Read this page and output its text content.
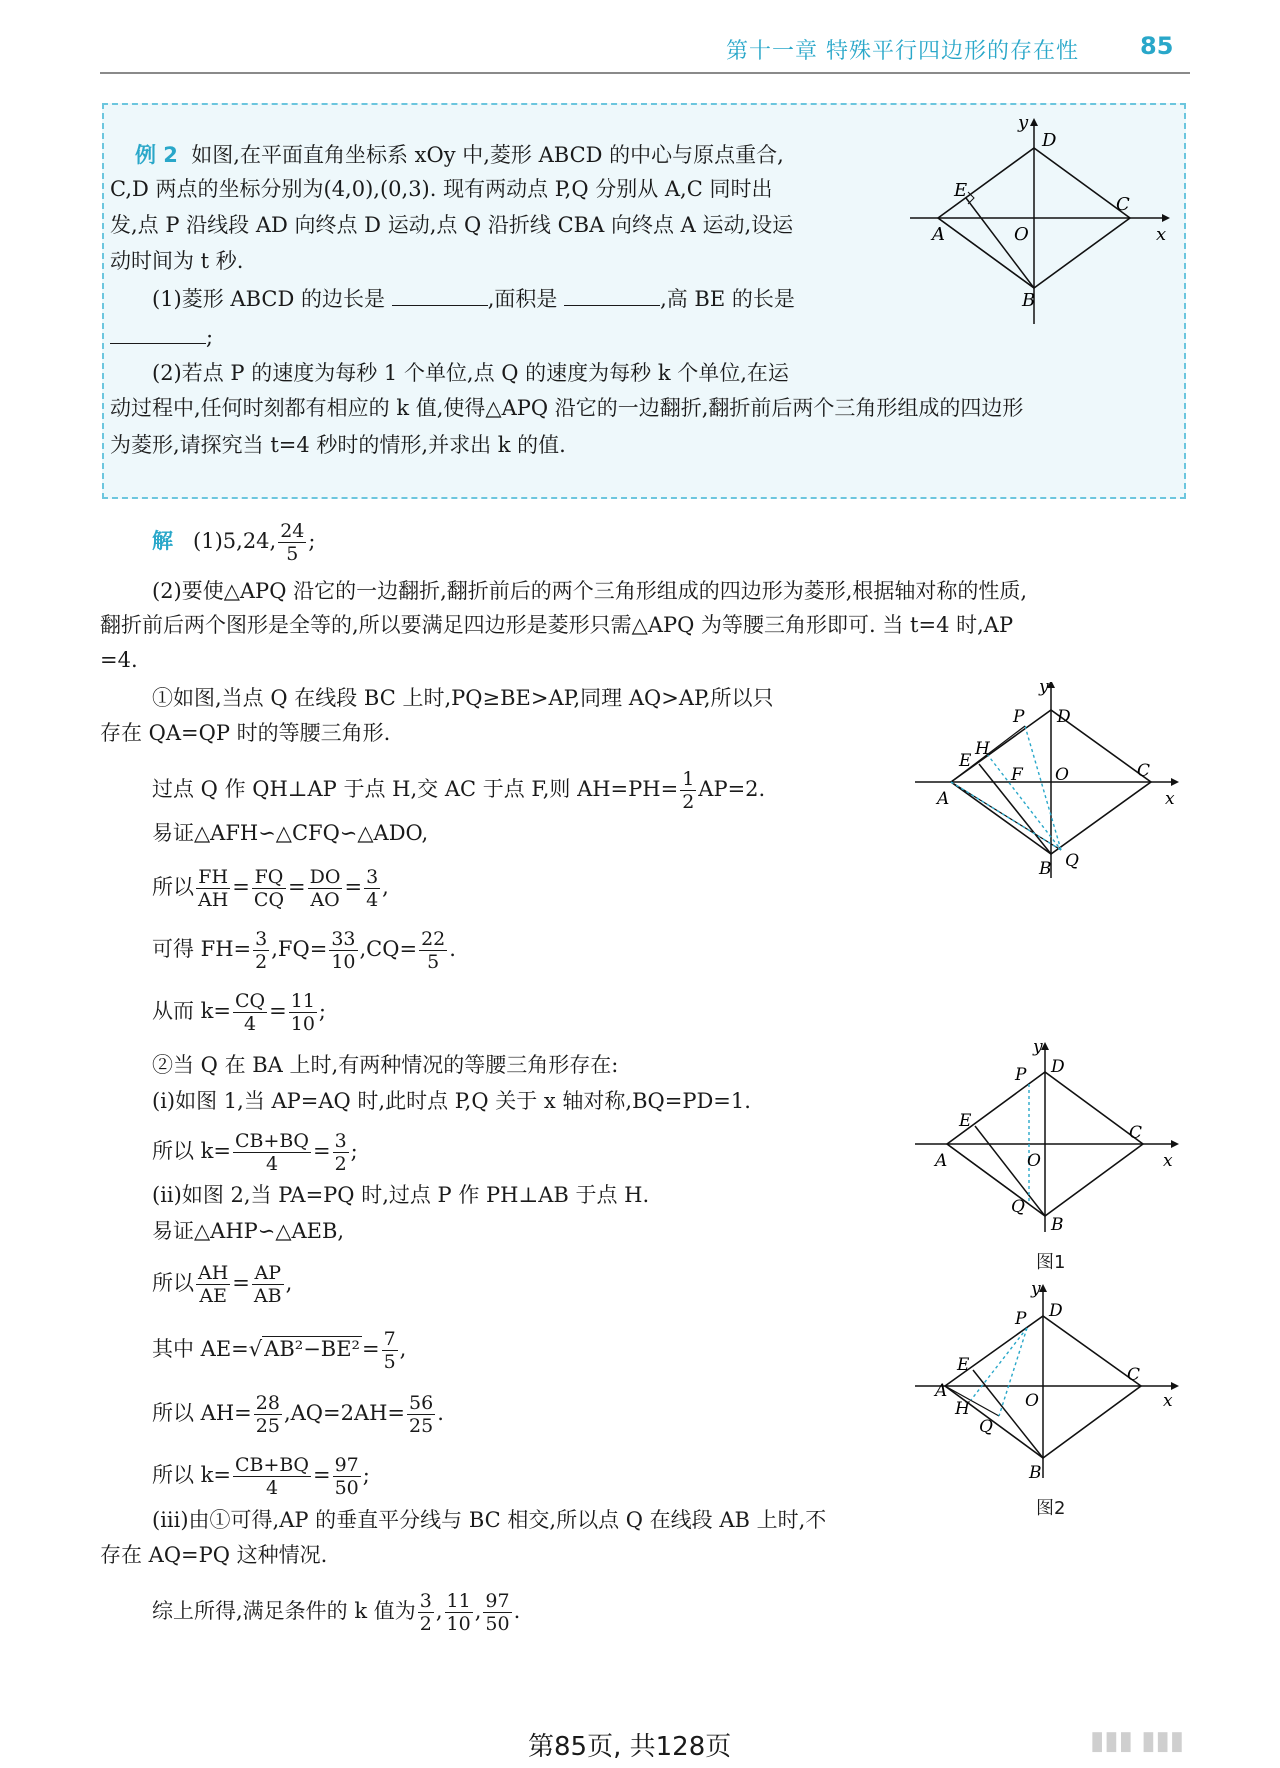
第十一章 特殊平行四边形的存在性	85
例 2 如图,在平面直角坐标系 xOy 中,菱形 ABCD 的中心与原点重合,
C,D 两点的坐标分别为(4,0),(0,3). 现有两动点 P,Q 分别从 A,C 同时出
发,点 P 沿线段 AD 向终点 D 运动,点 Q 沿折线 CBA 向终点 A 运动,设运
动时间为 t 秒.
(1)菱形 ABCD 的边长是	,面积是	,高 BE 的长是
;
(2)若点 P 的速度为每秒 1 个单位,点 Q 的速度为每秒 k 个单位,在运
动过程中,任何时刻都有相应的 k 值,使得△APQ 沿它的一边翻折,翻折前后两个三角形组成的四边形
为菱形,请探究当 t=4 秒时的情形,并求出 k 的值.
y
D
E
C
A	O	x
B
解 (1)5,24, $\frac{24}{5}$ ;
(2)要使△APQ 沿它的一边翻折,翻折前后的两个三角形组成的四边形为菱形,根据轴对称的性质,
翻折前后两个图形是全等的,所以要满足四边形是菱形只需△APQ 为等腰三角形即可. 当 t=4 时,AP
=4.
①如图,当点 Q 在线段 BC 上时,PQ≥BE>AP,同理 AQ>AP,所以只
存在 QA=QP 时的等腰三角形.
过点 Q 作 QH⊥AP 于点 H,交 AC 于点 F,则 $AH=PH= \frac{1}{2} AP=2$.
易证△AFH∽△CFQ∽△ADO,
所以 $\frac{FH}{AH} = \frac{FQ}{CQ} = \frac{DO}{AO} = \frac{3}{4}$ ,
可得 $FH= \frac{3}{2} ,FQ= \frac{33}{10} ,CQ= \frac{22}{5}$ .
从而 $k= \frac{CQ}{4} = \frac{11}{10}$ ;
②当 Q 在 BA 上时,有两种情况的等腰三角形存在:
(i)如图 1,当 AP=AQ 时,此时点 P,Q 关于 x 轴对称,BQ=PD=1.
所以 $k= \frac{CB+BQ}{4} = \frac{3}{2}$ ;
(ii)如图 2,当 PA=PQ 时,过点 P 作 PH⊥AB 于点 H.
易证△AHP∽△AEB,
所以 $\frac{AH}{AE} = \frac{AP}{AB}$ ,
其中 $AE=√AB^2-BE^2= \frac{7}{5}$ ,
所以 $AH= \frac{28}{25} ,AQ=2AH= \frac{56}{25}$ .
所以 $k= \frac{CB+BQ}{4} = \frac{97}{50}$ ;
(iii)由①可得,AP 的垂直平分线与 BC 相交,所以点 Q 在线段 AB 上时,不
存在 AQ=PQ 这种情况.
综上所得,满足条件的 k 值为 $\frac{3}{2}$ , $\frac{11}{10}$ , $\frac{97}{50}$ .
y
P D
E
H
F O	C
A	x
B Q
y
D
P
E
C
A	O	x
Q
B
图1
y
P D
E	C
A	O	x
H
Q
B
图2
第85页, 共128页	▮▮▮ ▮▮▮
